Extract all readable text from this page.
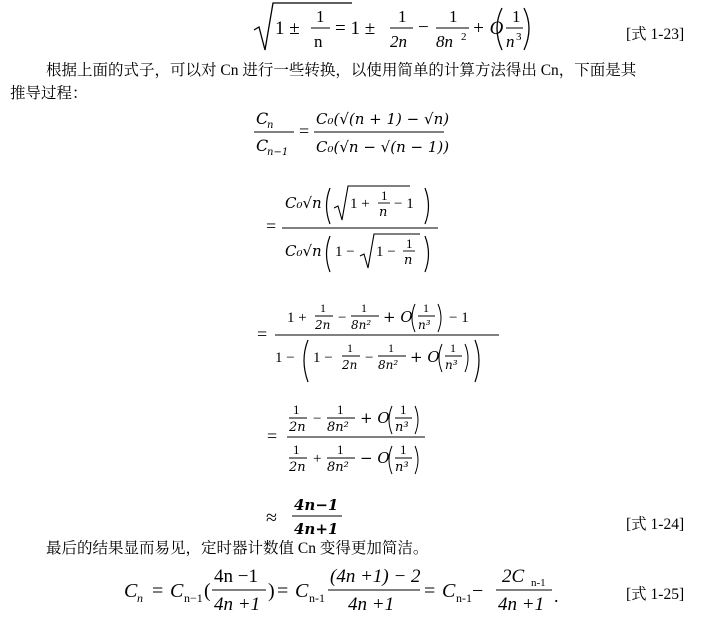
1 ±
1
n
= 1 ±
1
2n
−
1
8n 2 + O
1
n 3	[式 1-23]
根据上面的式子，可以对 Cn 进行一些转换，以使用简单的计算方法得出 Cn，下面是其
推导过程：
C
n
C
n−1
=
C₀(√(n + 1) − √n)
C₀(√n − √(n − 1))
=
C₀√n 1 +
1
n
− 1
C₀√n 1 − 1 −
1
n
=
1 +
1
2n −
1
8n² + O 1
n³ − 1
1 − 1 −
1
2n −
1
8n² + O 1
n³
=
1
2n
−
1
8n²
+ O 1
n³
1
2n
+
1
8n²
− O 1
n³
≈
4n−1
4n+1	[式 1-24]
最后的结果显而易见，定时器计数值 Cn 变得更加简洁。
C n = C n−1 (
4n −1
4n +1
) = C n-1
(4n +1) − 2
4n +1
= C n-1 −
2C n-1
4n +1 .	[式 1-25]
